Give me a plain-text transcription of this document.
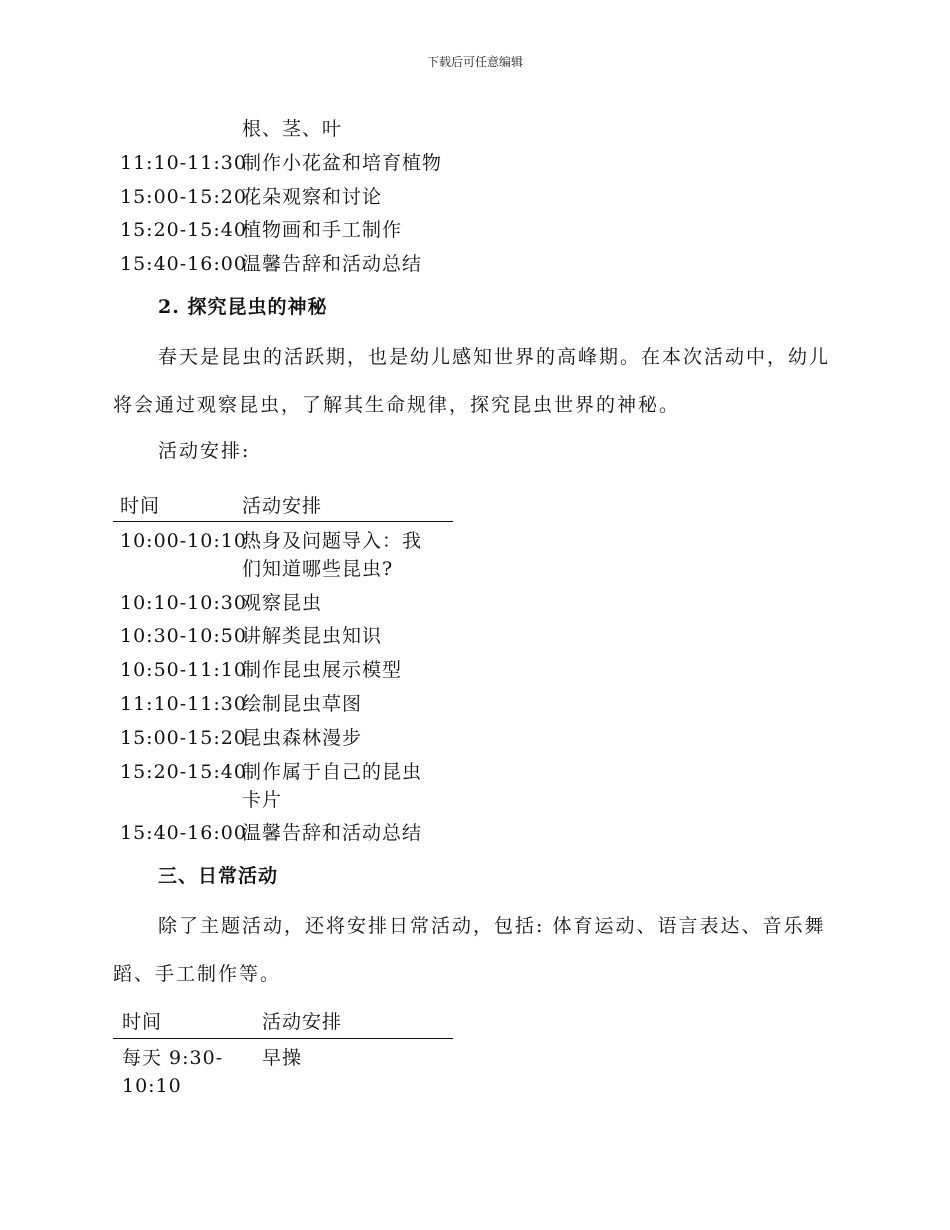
下载后可任意编辑
根、茎、叶
11:10-11:30制作小花盆和培育植物
15:00-15:20花朵观察和讨论
15:20-15:40植物画和手工制作
15:40-16:00温馨告辞和活动总结
2. 探究昆虫的神秘
春天是昆虫的活跃期，也是幼儿感知世界的高峰期。在本次活动中，幼儿将会通过观察昆虫，了解其生命规律，探究昆虫世界的神秘。
活动安排:
时间	活动安排
10:00-10:10热身及问题导入：我
们知道哪些昆虫?
10:10-10:30观察昆虫
10:30-10:50讲解类昆虫知识
10:50-11:10制作昆虫展示模型
11:10-11:30绘制昆虫草图
15:00-15:20昆虫森林漫步
15:20-15:40制作属于自己的昆虫
卡片
15:40-16:00温馨告辞和活动总结
三、日常活动
除了主题活动，还将安排日常活动，包括: 体育运动、语言表达、音乐舞蹈、手工制作等。
时间	活动安排
每天 9:30-
10:10
早操
